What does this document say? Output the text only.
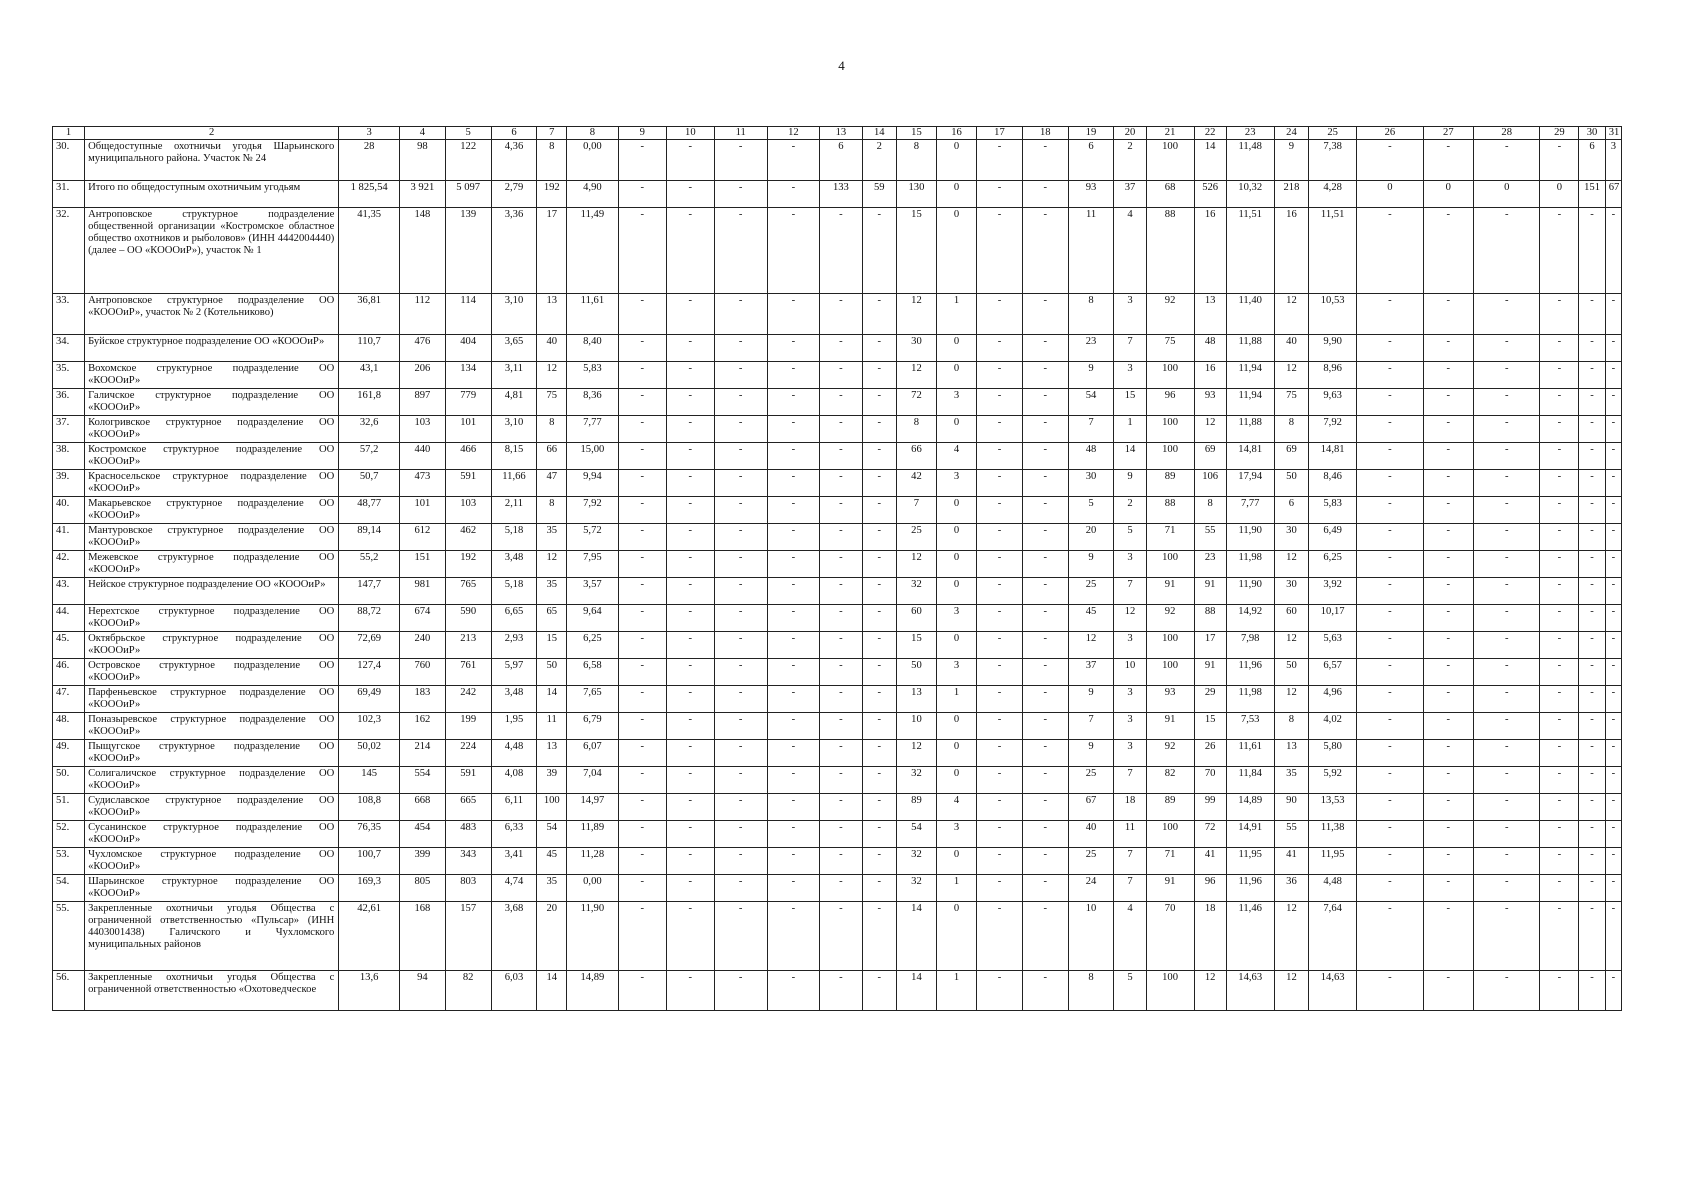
4
1	2	3	4	5	6	7	8	9	10	11	12	13	14	15	16	17	18	19	20	21	22	23	24	25	26	27	28	29	30	31
30.	Общедоступные охотничьи угодья Шарьинского муниципального района. Участок № 24	28	98	122	4,36	8	0,00	-	-	-	-	6	2	8	0	-	-	6	2	100	14	11,48	9	7,38	-	-	-	-	6	3
31.	Итого по общедоступным охотничьим угодьям	1 825,54	3 921	5 097	2,79	192	4,90	-	-	-	-	133	59	130	0	-	-	93	37	68	526	10,32	218	4,28	0	0	0	0	151	67
32.	Антроповское структурное подразделение общественной организации «Костромское областное общество охотников и рыболовов» (ИНН 4442004440) (далее – ОО «КОООиР»), участок № 1	41,35	148	139	3,36	17	11,49	-	-	-	-	-	-	15	0	-	-	11	4	88	16	11,51	16	11,51	-	-	-	-	-	-
33.	Антроповское структурное подразделение ОО «КОООиР», участок № 2 (Котельниково)	36,81	112	114	3,10	13	11,61	-	-	-	-	-	-	12	1	-	-	8	3	92	13	11,40	12	10,53	-	-	-	-	-	-
34.	Буйское структурное подразделение ОО «КОООиР»	110,7	476	404	3,65	40	8,40	-	-	-	-	-	-	30	0	-	-	23	7	75	48	11,88	40	9,90	-	-	-	-	-	-
35.	Вохомское структурное подразделение ОО «КОООиР»	43,1	206	134	3,11	12	5,83	-	-	-	-	-	-	12	0	-	-	9	3	100	16	11,94	12	8,96	-	-	-	-	-	-
36.	Галичское структурное подразделение ОО «КОООиР»	161,8	897	779	4,81	75	8,36	-	-	-	-	-	-	72	3	-	-	54	15	96	93	11,94	75	9,63	-	-	-	-	-	-
37.	Кологривское структурное подразделение ОО «КОООиР»	32,6	103	101	3,10	8	7,77	-	-	-	-	-	-	8	0	-	-	7	1	100	12	11,88	8	7,92	-	-	-	-	-	-
38.	Костромское структурное подразделение ОО «КОООиР»	57,2	440	466	8,15	66	15,00	-	-	-	-	-	-	66	4	-	-	48	14	100	69	14,81	69	14,81	-	-	-	-	-	-
39.	Красносельское структурное подразделение ОО «КОООиР»	50,7	473	591	11,66	47	9,94	-	-	-	-	-	-	42	3	-	-	30	9	89	106	17,94	50	8,46	-	-	-	-	-	-
40.	Макарьевское структурное подразделение ОО «КОООиР»	48,77	101	103	2,11	8	7,92	-	-	-	-	-	-	7	0	-	-	5	2	88	8	7,77	6	5,83	-	-	-	-	-	-
41.	Мантуровское структурное подразделение ОО «КОООиР»	89,14	612	462	5,18	35	5,72	-	-	-	-	-	-	25	0	-	-	20	5	71	55	11,90	30	6,49	-	-	-	-	-	-
42.	Межевское структурное подразделение ОО «КОООиР»	55,2	151	192	3,48	12	7,95	-	-	-	-	-	-	12	0	-	-	9	3	100	23	11,98	12	6,25	-	-	-	-	-	-
43.	Нейское структурное подразделение ОО «КОООиР»	147,7	981	765	5,18	35	3,57	-	-	-	-	-	-	32	0	-	-	25	7	91	91	11,90	30	3,92	-	-	-	-	-	-
44.	Нерехтское структурное подразделение ОО «КОООиР»	88,72	674	590	6,65	65	9,64	-	-	-	-	-	-	60	3	-	-	45	12	92	88	14,92	60	10,17	-	-	-	-	-	-
45.	Октябрьское структурное подразделение ОО «КОООиР»	72,69	240	213	2,93	15	6,25	-	-	-	-	-	-	15	0	-	-	12	3	100	17	7,98	12	5,63	-	-	-	-	-	-
46.	Островское структурное подразделение ОО «КОООиР»	127,4	760	761	5,97	50	6,58	-	-	-	-	-	-	50	3	-	-	37	10	100	91	11,96	50	6,57	-	-	-	-	-	-
47.	Парфеньевское структурное подразделение ОО «КОООиР»	69,49	183	242	3,48	14	7,65	-	-	-	-	-	-	13	1	-	-	9	3	93	29	11,98	12	4,96	-	-	-	-	-	-
48.	Поназыревское структурное подразделение ОО «КОООиР»	102,3	162	199	1,95	11	6,79	-	-	-	-	-	-	10	0	-	-	7	3	91	15	7,53	8	4,02	-	-	-	-	-	-
49.	Пыщугское структурное подразделение ОО «КОООиР»	50,02	214	224	4,48	13	6,07	-	-	-	-	-	-	12	0	-	-	9	3	92	26	11,61	13	5,80	-	-	-	-	-	-
50.	Солигаличское структурное подразделение ОО «КОООиР»	145	554	591	4,08	39	7,04	-	-	-	-	-	-	32	0	-	-	25	7	82	70	11,84	35	5,92	-	-	-	-	-	-
51.	Судиславское структурное подразделение ОО «КОООиР»	108,8	668	665	6,11	100	14,97	-	-	-	-	-	-	89	4	-	-	67	18	89	99	14,89	90	13,53	-	-	-	-	-	-
52.	Сусанинское структурное подразделение ОО «КОООиР»	76,35	454	483	6,33	54	11,89	-	-	-	-	-	-	54	3	-	-	40	11	100	72	14,91	55	11,38	-	-	-	-	-	-
53.	Чухломское структурное подразделение ОО «КОООиР»	100,7	399	343	3,41	45	11,28	-	-	-	-	-	-	32	0	-	-	25	7	71	41	11,95	41	11,95	-	-	-	-	-	-
54.	Шарьинское структурное подразделение ОО «КОООиР»	169,3	805	803	4,74	35	0,00	-	-	-	-	-	-	32	1	-	-	24	7	91	96	11,96	36	4,48	-	-	-	-	-	-
55.	Закрепленные охотничьи угодья Общества с ограниченной ответственностью «Пульсар» (ИНН 4403001438) Галичского и Чухломского муниципальных районов	42,61	168	157	3,68	20	11,90	-	-	-	-	-	-	14	0	-	-	10	4	70	18	11,46	12	7,64	-	-	-	-	-	-
56.	Закрепленные охотничьи угодья Общества с ограниченной ответственностью «Охотоведческое	13,6	94	82	6,03	14	14,89	-	-	-	-	-	-	14	1	-	-	8	5	100	12	14,63	12	14,63	-	-	-	-	-	-
